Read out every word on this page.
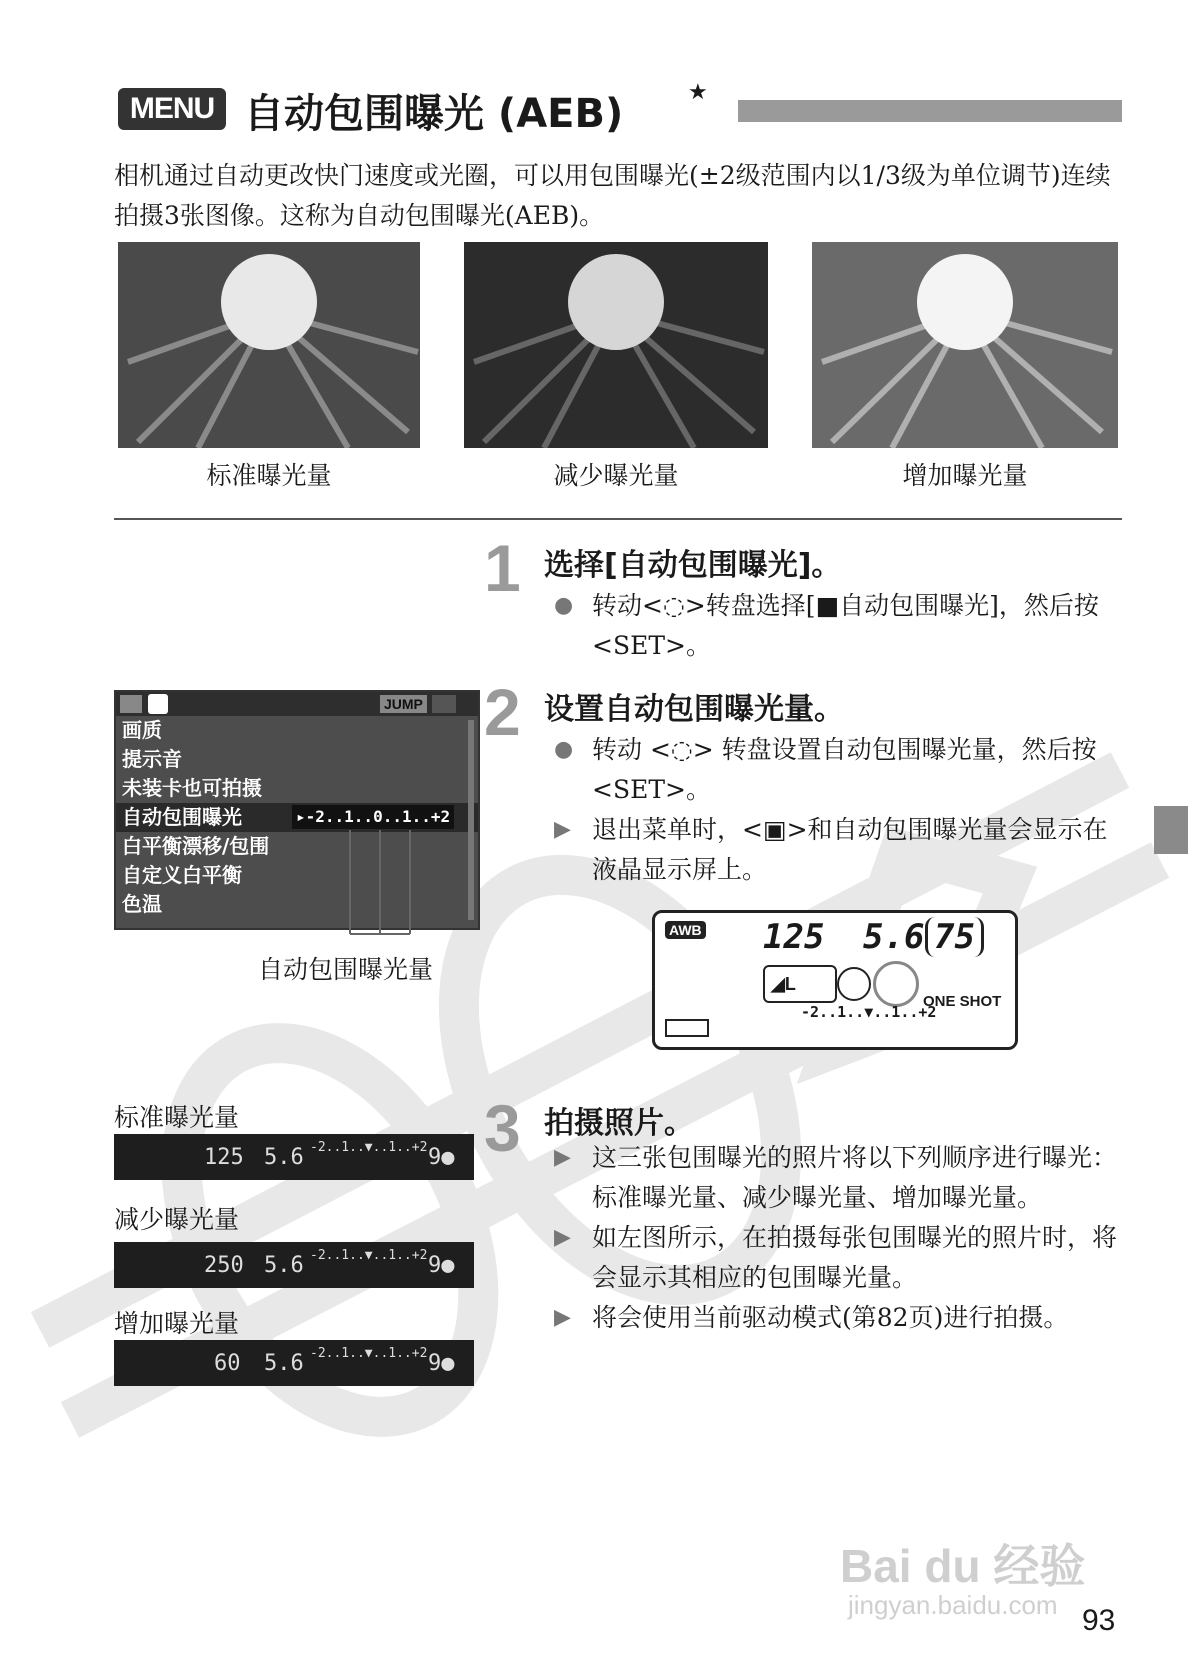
MENU 自动包围曝光 (AEB)	★
相机通过自动更改快门速度或光圈，可以用包围曝光(±2级范围内以1/3级为单位调节)连续拍摄3张图像。这称为自动包围曝光(AEB)。
标准曝光量	减少曝光量	增加曝光量
1 选择[自动包围曝光]。
● 转动<◌>转盘选择[■自动包围曝光]，然后按<SET>。
2 设置自动包围曝光量。
● 转动 <◌> 转盘设置自动包围曝光量，然后按<SET>。
▶ 退出菜单时，<▣>和自动包围曝光量会显示在液晶显示屏上。
JUMP
画质
提示音
未装卡也可拍摄
自动包围曝光	▸-2..1..0..1..+2
白平衡漂移/包围
自定义白平衡
色温
自动包围曝光量
AWB 125 5.6 75
◢L
ONE SHOT
-2..1..▼..1..+2
标准曝光量
125 5.6 -2..1..▼..1..+2 9●
减少曝光量
250 5.6 -2..1..▼..1..+2 9●
增加曝光量
60 5.6 -2..1..▼..1..+2 9●
3 拍摄照片。
▶ 这三张包围曝光的照片将以下列顺序进行曝光：标准曝光量、减少曝光量、增加曝光量。
▶ 如左图所示，在拍摄每张包围曝光的照片时，将会显示其相应的包围曝光量。
▶ 将会使用当前驱动模式(第82页)进行拍摄。
Bai du 经验
jingyan.baidu.com 93
